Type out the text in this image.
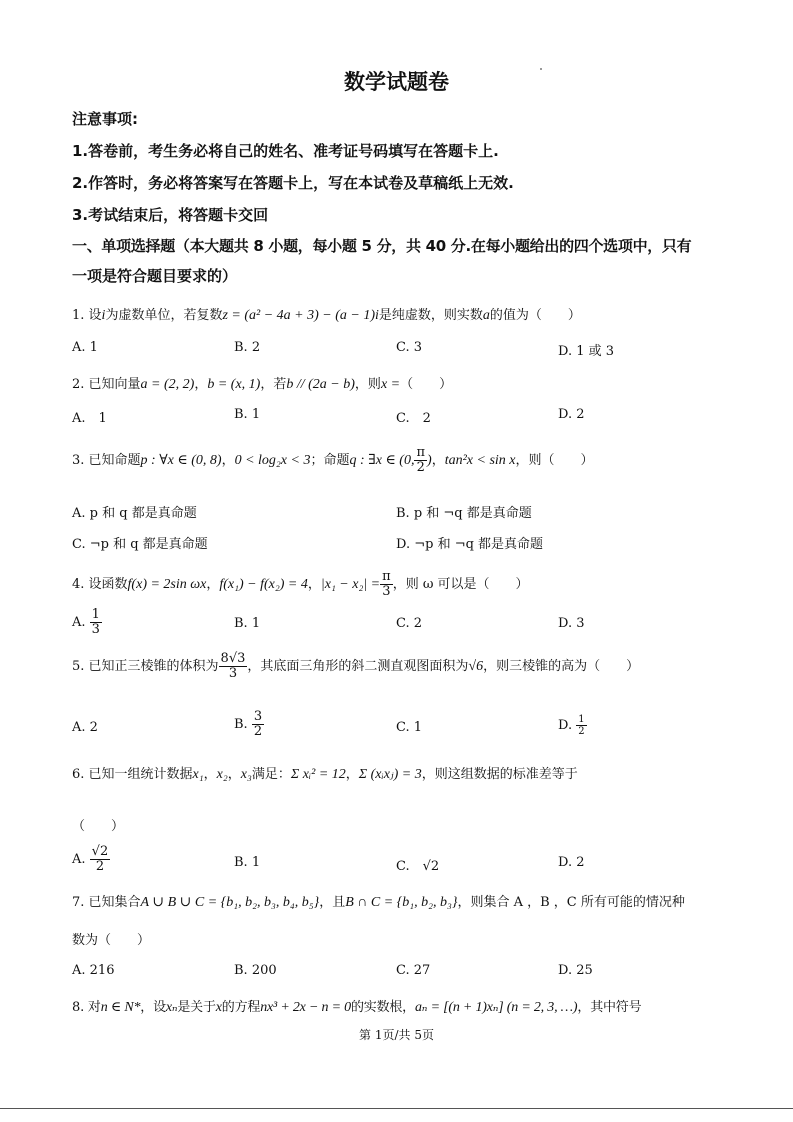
数学试题卷
注意事项:
1.答卷前，考生务必将自己的姓名、准考证号码填写在答题卡上.
2.作答时，务必将答案写在答题卡上，写在本试卷及草稿纸上无效.
3.考试结束后，将答题卡交回
一、单项选择题（本大题共 8 小题，每小题 5 分，共 40 分.在每小题给出的四个选项中，只有
一项是符合题目要求的）
1. 设i为虚数单位，若复数z = (a² − 4a + 3) − (a − 1)i是纯虚数，则实数a的值为（　　）
A. 1	B. 2	C. 3	D. 1 或 3
2. 已知向量a = (2, 2)，b = (x, 1)，若b // (2a − b)，则x =（　　）
A.　1	B. 1	C.　2	D. 2
3. 已知命题p : ∀x ∈ (0, 8)，0 < log₂x < 3；命题q : ∃x ∈ (0, $\frac{\pi}{2}$ )，tan²x < sin x，则（　　）
A. p 和 q 都是真命题	B. p 和 ¬q 都是真命题
C. ¬p 和 q 都是真命题	D. ¬p 和 ¬q 都是真命题
4. 设函数f(x) = 2sin ωx，f(x₁) − f(x₂) = 4，$|x_1 - x_2| = \frac{\pi}{3}$ ，则 ω 可以是（　　）
A. $\frac{1}{3}$	B. 1	C. 2	D. 3
5. 已知正三棱锥的体积为 $\frac{8√3}{3}$ ，其底面三角形的斜二测直观图面积为√6，则三棱锥的高为（　　）
A. 2	B. $\frac{3}{2}$	C. 1	D. $\frac{1}{2}$
6. 已知一组统计数据x₁，x₂，x₃满足：Σ xᵢ² = 12，Σ (xᵢxⱼ) = 3，则这组数据的标准差等于
（　　）
A. $\frac{√2}{2}$	B. 1	C.　√2	D. 2
7. 已知集合A ∪ B ∪ C = {b₁, b₂, b₃, b₄, b₅}，且B ∩ C = {b₁, b₂, b₃}，则集合 A ，B ，C 所有可能的情况种
数为（　　）
A. 216	B. 200	C. 27	D. 25
8. 对n ∈ N*，设xₙ是关于x的方程nx³ + 2x − n = 0的实数根，aₙ = [(n + 1)xₙ] (n = 2, 3, …)，其中符号
第 1页/共 5页
